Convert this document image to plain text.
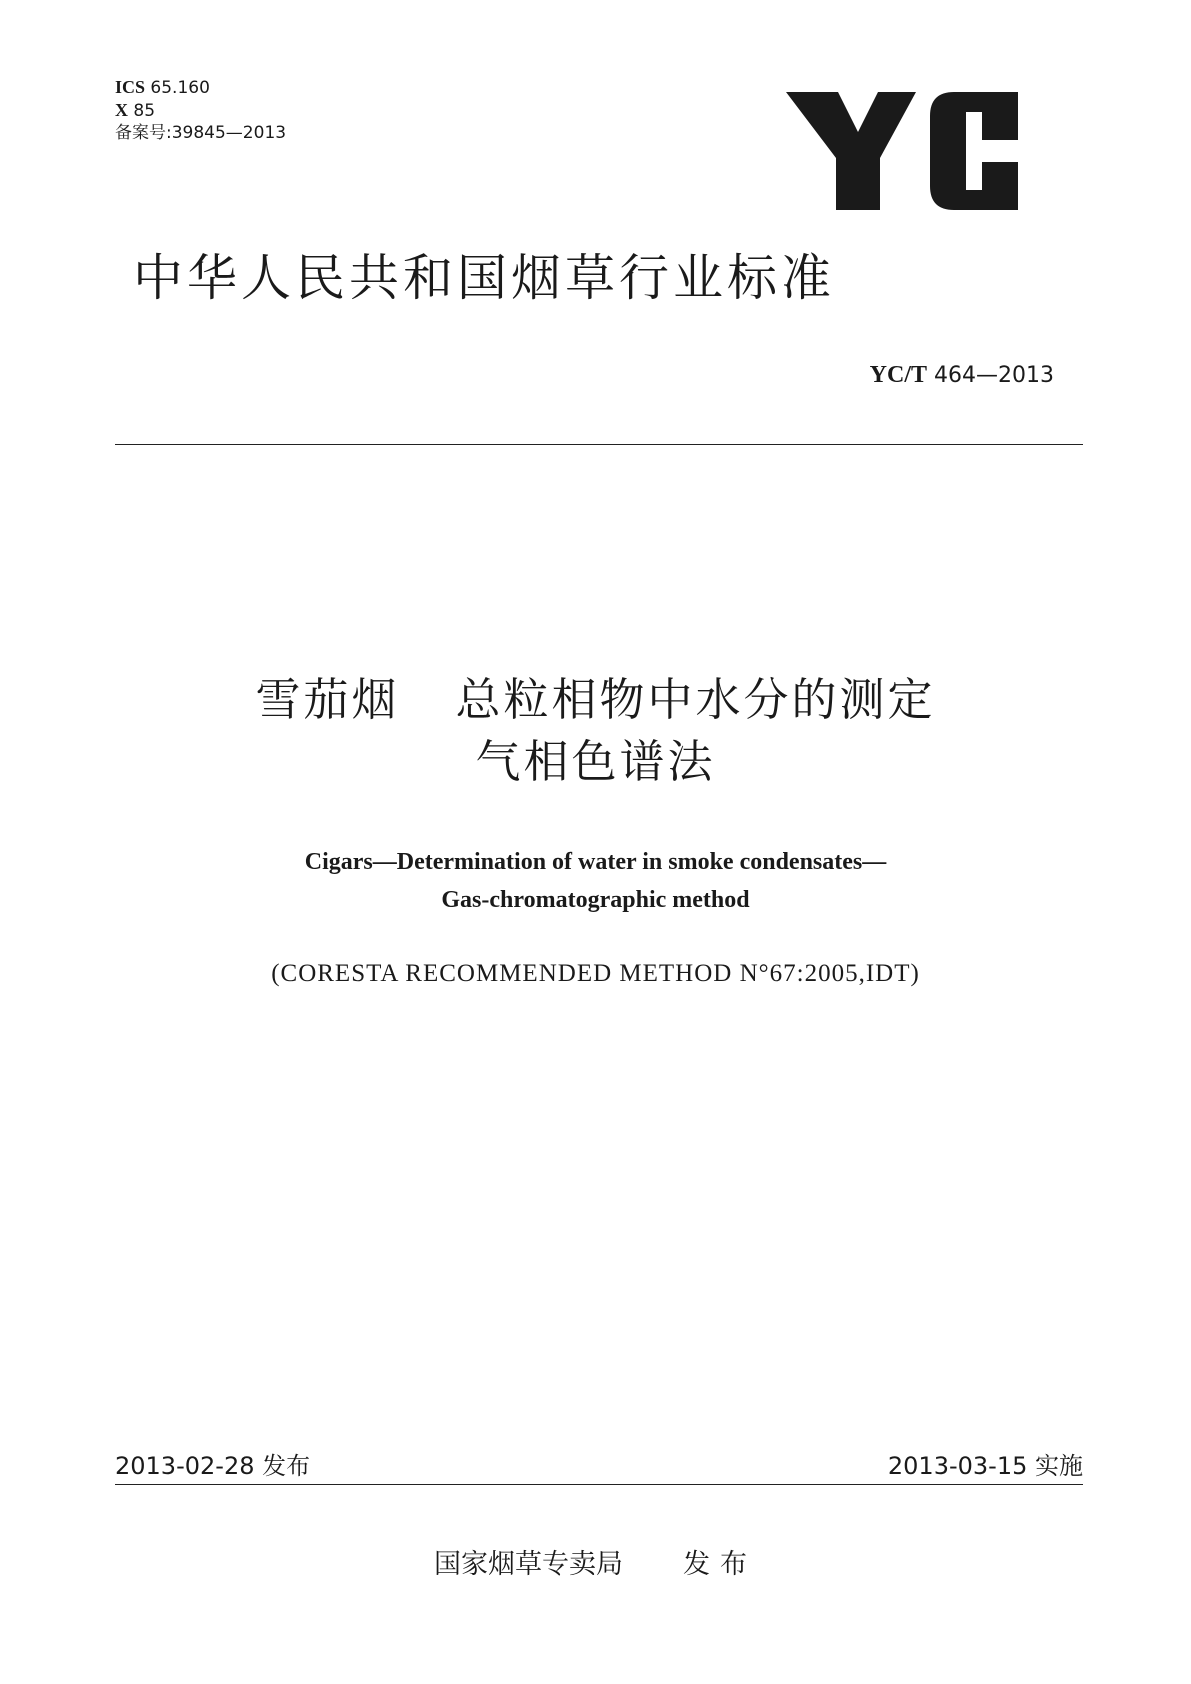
ICS 65.160
X 85
备案号:39845—2013
中华人民共和国烟草行业标准
YC/T 464—2013
雪茄烟 总粒相物中水分的测定
气相色谱法
Cigars—Determination of water in smoke condensates—
Gas-chromatographic method
(CORESTA RECOMMENDED METHOD N°67:2005,IDT)
2013-02-28 发布	2013-03-15 实施
国家烟草专卖局 发布
